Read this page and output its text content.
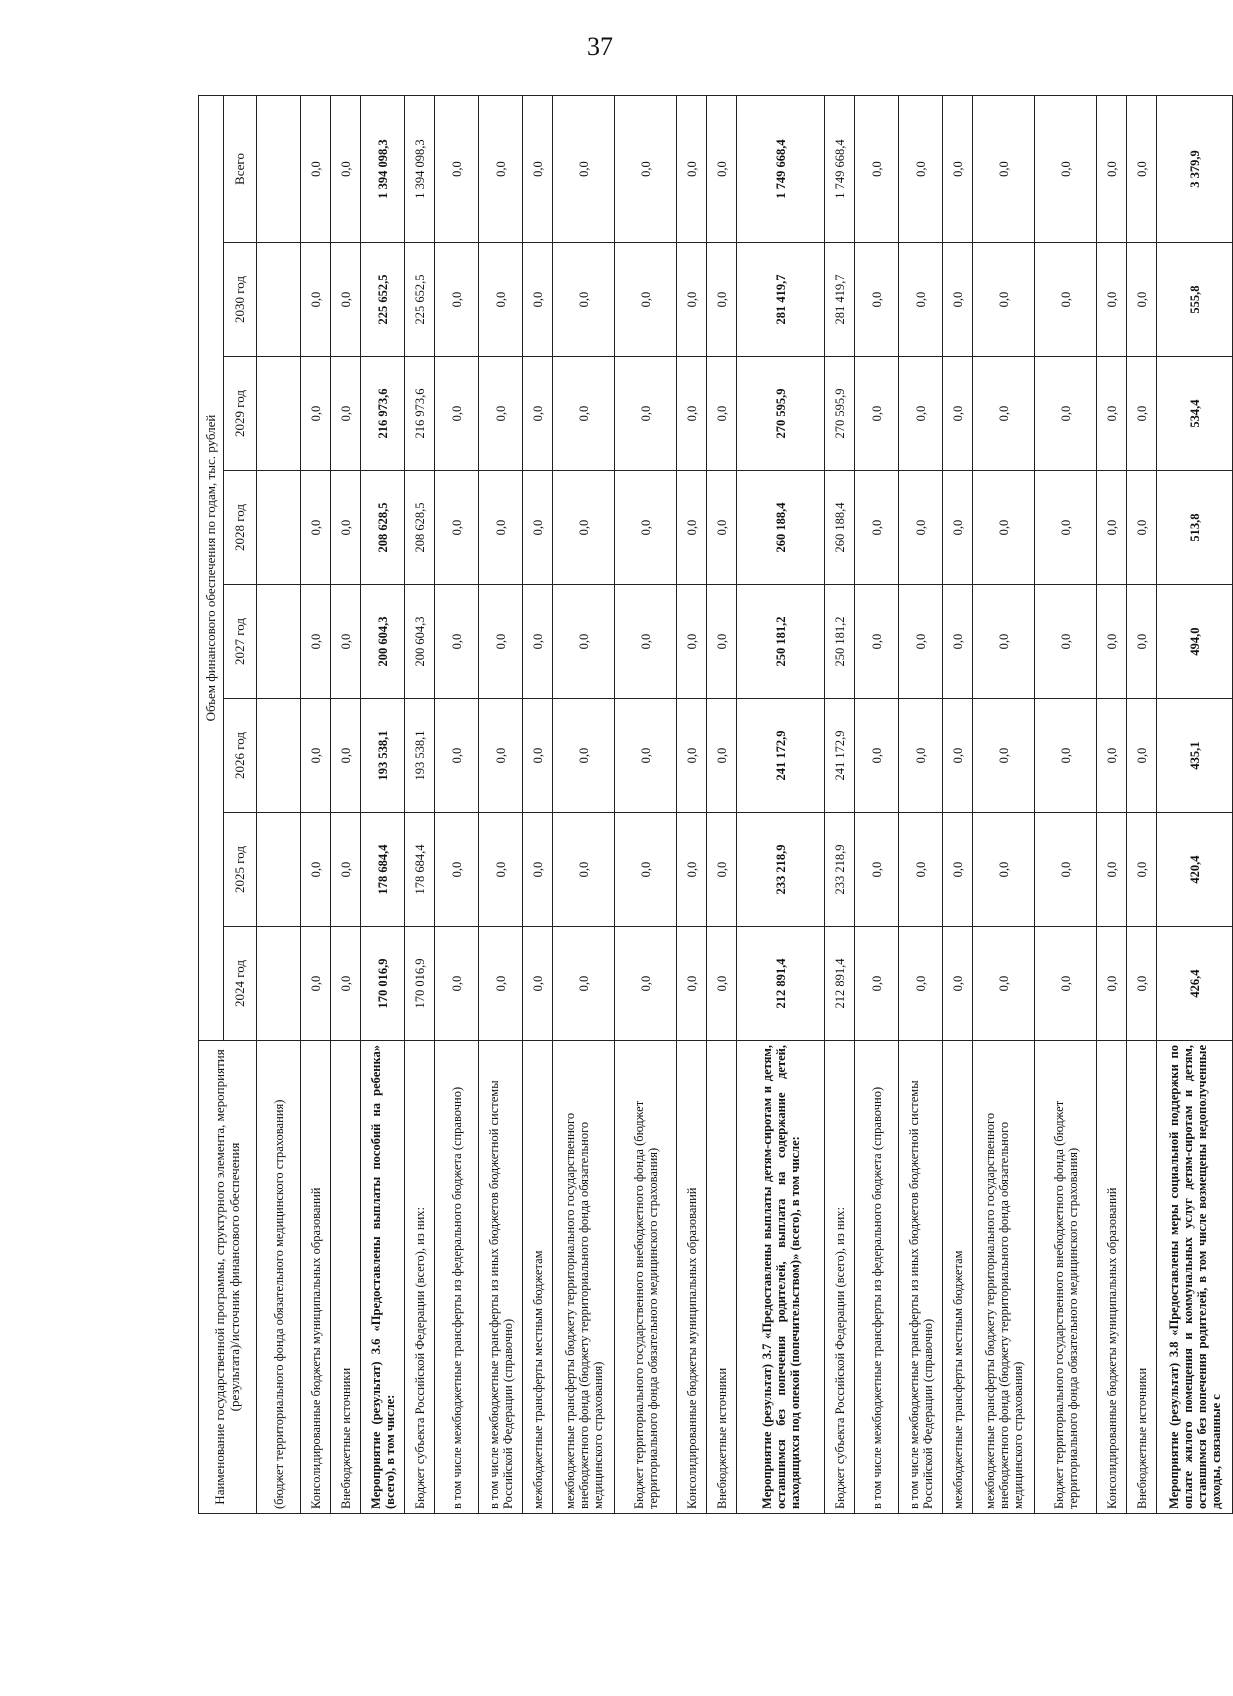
37
Наименование государственной программы, структурного элемента, мероприятия (результата)/источник финансового обеспечения	Объем финансового обеспечения по годам, тыс. рублей							
	2024 год	2025 год	2026 год	2027 год	2028 год	2029 год	2030 год	Всего
(бюджет территориального фонда обязательного медицинского страхования)								
Консолидированные бюджеты муниципальных образований	0,0	0,0	0,0	0,0	0,0	0,0	0,0	0,0
Внебюджетные источники	0,0	0,0	0,0	0,0	0,0	0,0	0,0	0,0
Мероприятие (результат) 3.6 «Предоставлены выплаты пособий на ребенка» (всего), в том числе:	170 016,9	178 684,4	193 538,1	200 604,3	208 628,5	216 973,6	225 652,5	1 394 098,3
Бюджет субъекта Российской Федерации (всего), из них:	170 016,9	178 684,4	193 538,1	200 604,3	208 628,5	216 973,6	225 652,5	1 394 098,3
в том числе межбюджетные трансферты из федерального бюджета (справочно)	0,0	0,0	0,0	0,0	0,0	0,0	0,0	0,0
в том числе межбюджетные трансферты из иных бюджетов бюджетной системы Российской Федерации (справочно)	0,0	0,0	0,0	0,0	0,0	0,0	0,0	0,0
межбюджетные трансферты местным бюджетам	0,0	0,0	0,0	0,0	0,0	0,0	0,0	0,0
межбюджетные трансферты бюджету территориального государственного внебюджетного фонда (бюджету территориального фонда обязательного медицинского страхования)	0,0	0,0	0,0	0,0	0,0	0,0	0,0	0,0
Бюджет территориального государственного внебюджетного фонда (бюджет территориального фонда обязательного медицинского страхования)	0,0	0,0	0,0	0,0	0,0	0,0	0,0	0,0
Консолидированные бюджеты муниципальных образований	0,0	0,0	0,0	0,0	0,0	0,0	0,0	0,0
Внебюджетные источники	0,0	0,0	0,0	0,0	0,0	0,0	0,0	0,0
Мероприятие (результат) 3.7 «Предоставлены выплаты детям-сиротам и детям, оставшимся без попечения родителей, выплата на содержание детей, находящихся под опекой (попечительством)» (всего), в том числе:	212 891,4	233 218,9	241 172,9	250 181,2	260 188,4	270 595,9	281 419,7	1 749 668,4
Бюджет субъекта Российской Федерации (всего), из них:	212 891,4	233 218,9	241 172,9	250 181,2	260 188,4	270 595,9	281 419,7	1 749 668,4
в том числе межбюджетные трансферты из федерального бюджета (справочно)	0,0	0,0	0,0	0,0	0,0	0,0	0,0	0,0
в том числе межбюджетные трансферты из иных бюджетов бюджетной системы Российской Федерации (справочно)	0,0	0,0	0,0	0,0	0,0	0,0	0,0	0,0
межбюджетные трансферты местным бюджетам	0,0	0,0	0,0	0,0	0,0	0,0	0,0	0,0
межбюджетные трансферты бюджету территориального государственного внебюджетного фонда (бюджету территориального фонда обязательного медицинского страхования)	0,0	0,0	0,0	0,0	0,0	0,0	0,0	0,0
Бюджет территориального государственного внебюджетного фонда (бюджет территориального фонда обязательного медицинского страхования)	0,0	0,0	0,0	0,0	0,0	0,0	0,0	0,0
Консолидированные бюджеты муниципальных образований	0,0	0,0	0,0	0,0	0,0	0,0	0,0	0,0
Внебюджетные источники	0,0	0,0	0,0	0,0	0,0	0,0	0,0	0,0
Мероприятие (результат) 3.8 «Предоставлены меры социальной поддержки по оплате жилого помещения и коммунальных услуг детям-сиротам и детям, оставшимся без попечения родителей, в том числе возмещены недополученные доходы, связанные с	426,4	420,4	435,1	494,0	513,8	534,4	555,8	3 379,9
